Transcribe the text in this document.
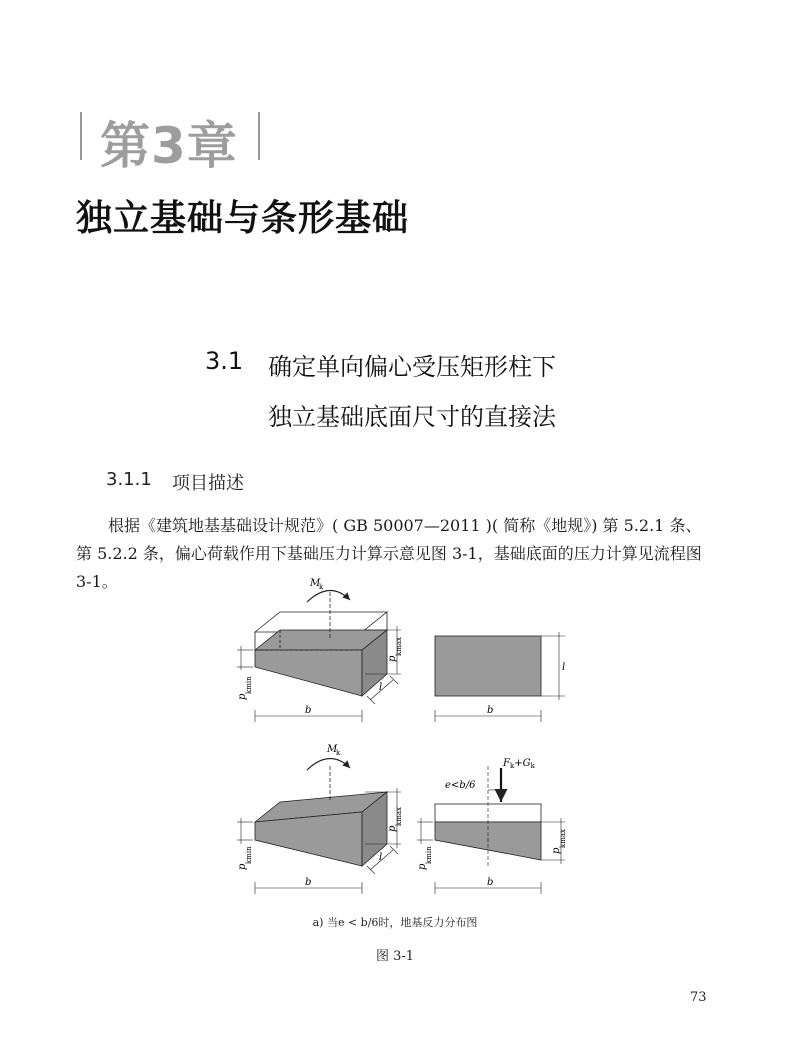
第3章
独立基础与条形基础
3.1 确定单向偏心受压矩形柱下
独立基础底面尺寸的直接法
3.1.1 项目描述

根据《建筑地基基础设计规范》( GB 50007—2011 )( 简称《地规》) 第 5.2.1 条、第 5.2.2 条，偏心荷载作用下基础压力计算示意见图 3-1，基础底面的压力计算见流程图 3-1。	M
k
p
kmax
p
kmin	l
b
l
b
M
k
p
kmax
p
kmin	l
b
$F_k+G_k$
e<b/6
p
kmax
p
kmin
b
a) 当e < b/6时，地基反力分布图
图 3-1
73
